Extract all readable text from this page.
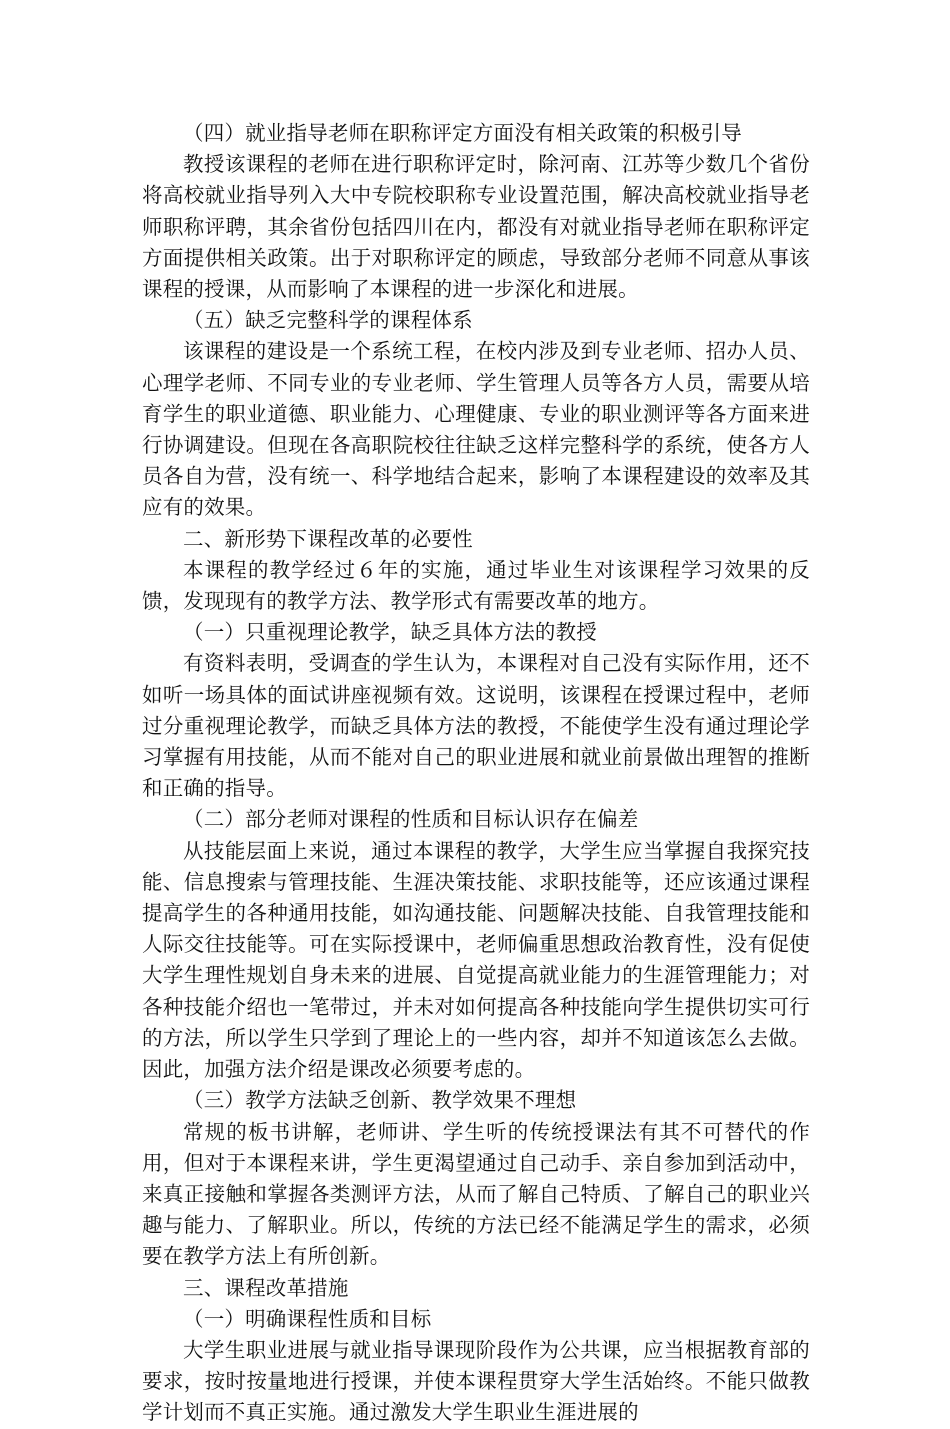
（四）就业指导老师在职称评定方面没有相关政策的积极引导

教授该课程的老师在进行职称评定时，除河南、江苏等少数几个省份将高校就业指导列入大中专院校职称专业设置范围，解决高校就业指导老师职称评聘，其余省份包括四川在内，都没有对就业指导老师在职称评定方面提供相关政策。出于对职称评定的顾虑，导致部分老师不同意从事该课程的授课，从而影响了本课程的进一步深化和进展。

（五）缺乏完整科学的课程体系

该课程的建设是一个系统工程，在校内涉及到专业老师、招办人员、心理学老师、不同专业的专业老师、学生管理人员等各方人员，需要从培育学生的职业道德、职业能力、心理健康、专业的职业测评等各方面来进行协调建设。但现在各高职院校往往缺乏这样完整科学的系统，使各方人员各自为营，没有统一、科学地结合起来，影响了本课程建设的效率及其应有的效果。

二、新形势下课程改革的必要性

本课程的教学经过６年的实施，通过毕业生对该课程学习效果的反馈，发现现有的教学方法、教学形式有需要改革的地方。

（一）只重视理论教学，缺乏具体方法的教授

有资料表明，受调查的学生认为，本课程对自己没有实际作用，还不如听一场具体的面试讲座视频有效。这说明，该课程在授课过程中，老师过分重视理论教学，而缺乏具体方法的教授，不能使学生没有通过理论学习掌握有用技能，从而不能对自己的职业进展和就业前景做出理智的推断和正确的指导。

（二）部分老师对课程的性质和目标认识存在偏差

从技能层面上来说，通过本课程的教学，大学生应当掌握自我探究技能、信息搜索与管理技能、生涯决策技能、求职技能等，还应该通过课程提高学生的各种通用技能，如沟通技能、问题解决技能、自我管理技能和人际交往技能等。可在实际授课中，老师偏重思想政治教育性，没有促使大学生理性规划自身未来的进展、自觉提高就业能力的生涯管理能力；对各种技能介绍也一笔带过，并未对如何提高各种技能向学生提供切实可行的方法，所以学生只学到了理论上的一些内容，却并不知道该怎么去做。因此，加强方法介绍是课改必须要考虑的。

（三）教学方法缺乏创新、教学效果不理想

常规的板书讲解，老师讲、学生听的传统授课法有其不可替代的作用，但对于本课程来讲，学生更渴望通过自己动手、亲自参加到活动中，来真正接触和掌握各类测评方法，从而了解自己特质、了解自己的职业兴趣与能力、了解职业。所以，传统的方法已经不能满足学生的需求，必须要在教学方法上有所创新。

三、课程改革措施

（一）明确课程性质和目标

大学生职业进展与就业指导课现阶段作为公共课，应当根据教育部的要求，按时按量地进行授课，并使本课程贯穿大学生活始终。不能只做教学计划而不真正实施。通过激发大学生职业生涯进展的
